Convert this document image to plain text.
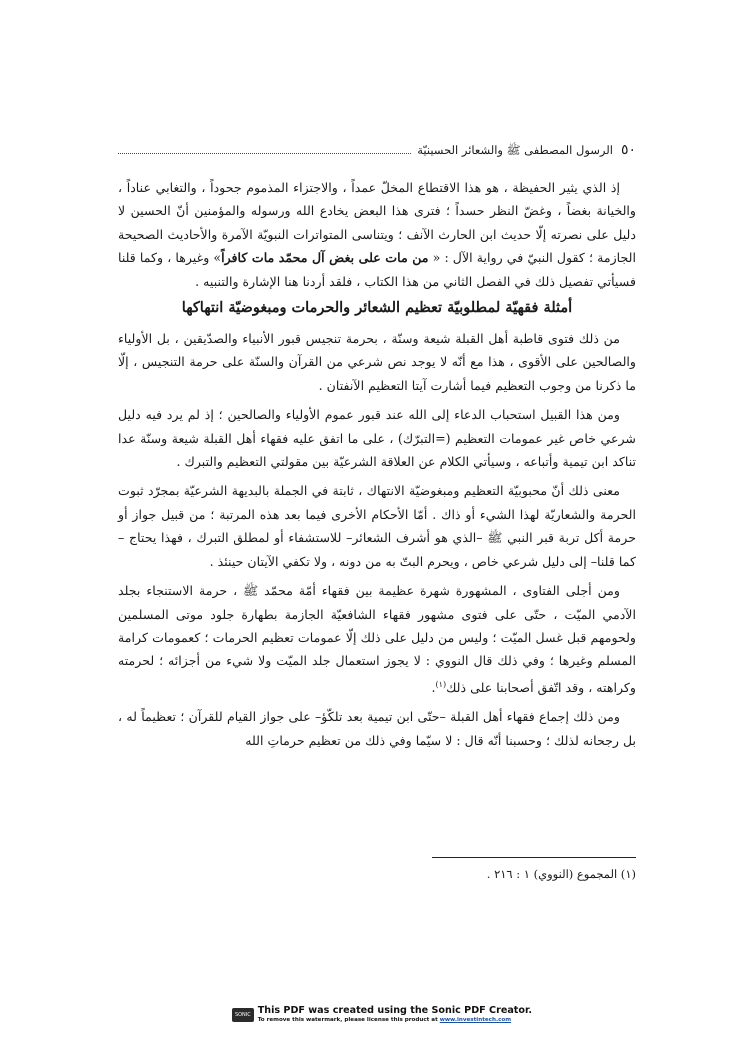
٥٠
الرسول المصطفى ﷺ والشعائر الحسينيّة

إذ الذي يثير الحفيظة ، هو هذا الاقتطاع المخلّ عمداً ، والاجتزاء المذموم جحوداً ، والتغابي عناداً ، والخيانة بغضاً ، وغضّ النظر حسداً ؛ فترى هذا البعض يخادع الله ورسوله والمؤمنين أنّ الحسين لا دليل على نصرته إلّا حديث ابن الحارث الآنف ؛ ويتناسى المتواترات النبويّة الآمرة والأحاديث الصحيحة الجازمة ؛ كقول النبيّ في رواية الآل : « من مات على بغض آل محمّد مات كافراً» وغيرها ، وكما قلنا فسيأتي تفصيل ذلك في الفصل الثاني من هذا الكتاب ، فلقد أردنا هنا الإشارة والتنبيه .

أمثلة فقهيّة لمطلوبيّة تعظيم الشعائر والحرمات ومبغوضيّة انتهاكها

من ذلك فتوى قاطبة أهل القبلة شيعة وسنّة ، بحرمة تنجيس قبور الأنبياء والصدّيقين ، بل الأولياء والصالحين على الأقوى ، هذا مع أنّه لا يوجد نص شرعي من القرآن والسنّة على حرمة التنجيس ، إلّا ما ذكرنا من وجوب التعظيم فيما أشارت آيتا التعظيم الآنفتان .

ومن هذا القبيل استحباب الدعاء إلى الله عند قبور عموم الأولياء والصالحين ؛ إذ لم يرد فيه دليل شرعي خاص غير عمومات التعظيم (=التبرّك) ، على ما اتفق عليه فقهاء أهل القبلة شيعة وسنّة عدا تناكد ابن تيمية وأتباعه ، وسيأتي الكلام عن العلاقة الشرعيّة بين مقولتي التعظيم والتبرك .

معنى ذلك أنّ محبوبيّة التعظيم ومبغوضيّة الانتهاك ، ثابتة في الجملة بالبديهة الشرعيّة بمجرّد ثبوت الحرمة والشعاريّة لهذا الشيء أو ذاك . أمّا الأحكام الأخرى فيما بعد هذه المرتبة ؛ من قبيل جواز أو حرمة أكل تربة قبر النبي ﷺ –الذي هو أشرف الشعائر– للاستشفاء أو لمطلق التبرك ، فهذا يحتاج –كما قلنا– إلى دليل شرعي خاص ، ويحرم البتّ به من دونه ، ولا تكفي الآيتان حينئذ .

ومن أجلى الفتاوى ، المشهورة شهرة عظيمة بين فقهاء أمّة محمّد ﷺ ، حرمة الاستنجاء بجلد الآدمي الميّت ، حتّى على فتوى مشهور فقهاء الشافعيّة الجازمة بطهارة جلود موتى المسلمين ولحومهم قبل غسل الميّت ؛ وليس من دليل على ذلك إلّا عمومات تعظيم الحرمات ؛ كعمومات كرامة المسلم وغيرها ؛ وفي ذلك قال النووي : لا يجوز استعمال جلد الميّت ولا شيء من أجزائه ؛ لحرمته وكراهته ، وقد اتّفق أصحابنا على ذلك$^{(١)}$.

ومن ذلك إجماع فقهاء أهل القبلة –حتّى ابن تيمية بعد تلكّؤ– على جواز القيام للقرآن ؛ تعظيماً له ، بل رجحانه لذلك ؛ وحسبنا أنّه قال : لا سيّما وفي ذلك من تعظيم حرماتِ الله

(١) المجموع (النووي) ١ : ٢١٦ .
SONIC PDF
This PDF was created using the Sonic PDF Creator.
To remove this watermark, please license this product at www.investintech.com
